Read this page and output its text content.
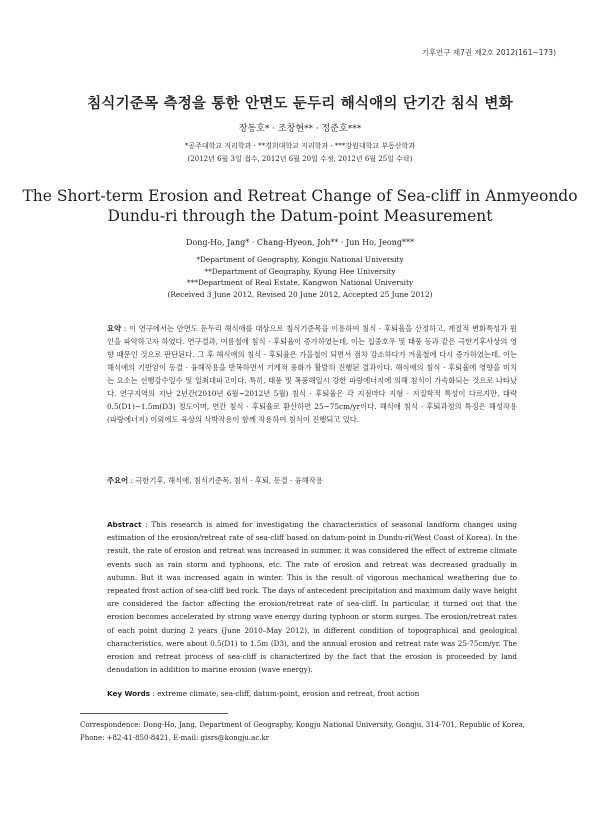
기후연구 제7권 제2호 2012(161~173)
침식기준목 측정을 통한 안면도 둔두리 해식애의 단기간 침식 변화
장동호* · 조창현** · 정준호***
*공주대학교 지리학과 · **경희대학교 지리학과 · ***강원대학교 부동산학과
(2012년 6월 3일 접수, 2012년 6월 20일 수정, 2012년 6월 25일 수락)
The Short-term Erosion and Retreat Change of Sea-cliff in Anmyeondo
Dundu-ri through the Datum-point Measurement
Dong-Ho, Jang* · Chang-Hyeon, Joh** · Jun Ho, Jeong***
*Department of Geography, Kongju National University
**Department of Geography, Kyung Hee University
***Department of Real Estate, Kangwon National University
(Received 3 June 2012, Revised 20 June 2012, Accepted 25 June 2012)
요약 : 이 연구에서는 안면도 둔두리 해식애를 대상으로 침식기준목을 이용하여 침식 · 후퇴율을 산정하고, 계절적 변화특성과 원인을 파악하고자 하였다. 연구결과, 여름철에 침식 · 후퇴율이 증가하였는데, 이는 집중호우 및 태풍 등과 같은 극한기후사상의 영향 때문인 것으로 판단된다. 그 후 해식애의 침식 · 후퇴율은 가을철이 되면서 점차 감소하다가 겨울철에 다시 증가하였는데, 이는 해식애의 기반암이 동결 · 융해작용을 반복하면서 기계적 풍화가 활발히 진행된 결과이다. 해식애의 침식 · 후퇴율에 영향을 미치는 요소는 선행강수일수 및 일최대파고이다. 특히, 태풍 및 폭풍해일시 강한 파랑에너지에 의해 침식이 가속화되는 것으로 나타났다. 연구지역의 지난 2년간(2010년 6월~2012년 5월) 침식 · 후퇴율은 각 지점마다 지형 · 지질학적 특성이 다르지만, 대략 0.5(D1)~1.5m(D3) 정도이며, 연간 침식 · 후퇴율로 환산하면 25~75cm/yr이다. 해식애 침식 · 후퇴과정의 특징은 해성작용(파랑에너지) 이외에도 육상의 삭박작용이 함께 작용하여 침식이 진행되고 있다.
주요어 : 극한기후, 해식애, 침식기준목, 침식 · 후퇴, 동결 · 융해작용
Abstract : This research is aimed for investigating the characteristics of seasonal landform changes using estimation of the erosion/retreat rate of sea-cliff based on datum-point in Dundu-ri(West Coast of Korea). In the result, the rate of erosion and retreat was increased in summer, it was considered the effect of extreme climate events such as rain storm and typhoons, etc. The rate of erosion and retreat was decreased gradually in autumn. But it was increased again in winter. This is the result of vigorous mechanical weathering due to repeated frost action of sea-cliff bed rock. The days of antecedent precipitation and maximum daily wave height are considered the factor affecting the erosion/retreat rate of sea-cliff. In particular, it turned out that the erosion becomes accelerated by strong wave energy during typhoon or storm surges. The erosion/retreat rates of each point during 2 years (June 2010–May 2012), in different condition of topographical and geological characteristics, were about 0.5(D1) to 1.5m (D3), and the annual erosion and retreat rate was 25-75cm/yr. The erosion and retreat process of sea-cliff is characterized by the fact that the erosion is proceeded by land denudation in addition to marine erosion (wave energy).
Key Words : extreme climate, sea-cliff, datum-point, erosion and retreat, frost action
Correspondence: Dong-Ho, Jang, Department of Geography, Kongju National University, Gongju, 314-701, Republic of Korea, Phone: +82-41-850-8421, E-mail: gisrs@kongju.ac.kr
